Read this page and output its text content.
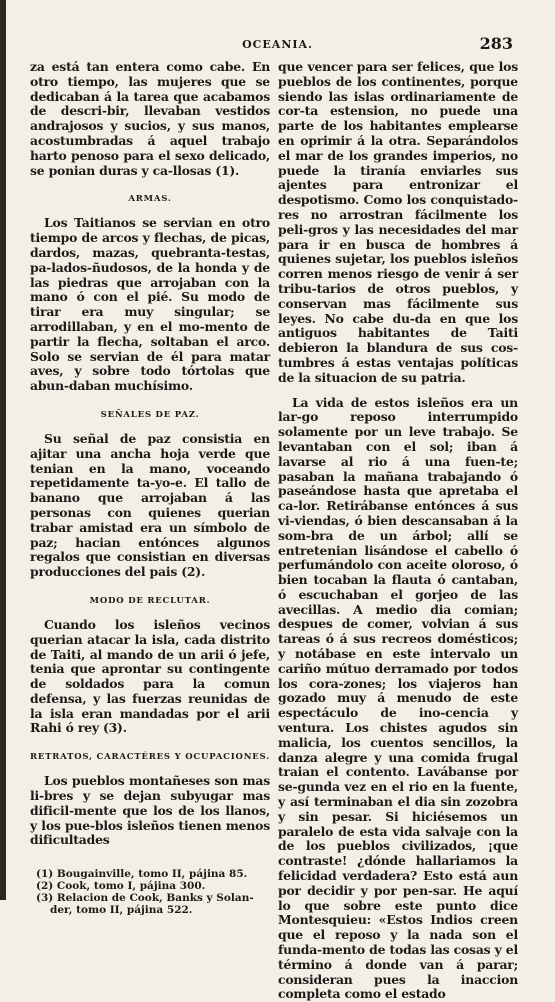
OCEANIA.	283

za está tan entera como cabe. En otro tiempo, las mujeres que se dedicaban á la tarea que acabamos de descri-bir, llevaban vestidos andrajosos y sucios, y sus manos, acostumbradas á aquel trabajo harto penoso para el sexo delicado, se ponian duras y ca-llosas (1).

ARMAS.

Los Taitianos se servian en otro tiempo de arcos y flechas, de picas, dardos, mazas, quebranta-testas, pa-lados-ñudosos, de la honda y de las piedras que arrojaban con la mano ó con el pié. Su modo de tirar era muy singular; se arrodillaban, y en el mo-mento de partir la flecha, soltaban el arco. Solo se servian de él para matar aves, y sobre todo tórtolas que abun-daban muchísimo.

SEÑALES DE PAZ.

Su señal de paz consistia en ajitar una ancha hoja verde que tenian en la mano, voceando repetidamente ta-yo-e. El tallo de banano que arrojaban á las personas con quienes querian trabar amistad era un símbolo de paz; hacian entónces algunos regalos que consistian en diversas producciones del pais (2).

MODO DE RECLUTAR.

Cuando los isleños vecinos querian atacar la isla, cada distrito de Taiti, al mando de un arii ó jefe, tenia que aprontar su contingente de soldados para la comun defensa, y las fuerzas reunidas de la isla eran mandadas por el arii Rahi ó rey (3).

RETRATOS, CARACTÉRES Y OCUPACIONES.

Los pueblos montañeses son mas li-bres y se dejan subyugar mas dificil-mente que los de los llanos, y los pue-blos isleños tienen menos dificultades

(1) Bougainville, tomo II, pájina 85.
(2) Cook, tomo I, pájina 300.
(3) Relacion de Cook, Banks y Solan-der, tomo II, pájina 522.

que vencer para ser felices, que los pueblos de los continentes, porque siendo las islas ordinariamente de cor-ta estension, no puede una parte de los habitantes emplearse en oprimir á la otra. Separándolos el mar de los grandes imperios, no puede la tiranía enviarles sus ajentes para entronizar el despotismo. Como los conquistado-res no arrostran fácilmente los peli-gros y las necesidades del mar para ir en busca de hombres á quienes sujetar, los pueblos isleños corren menos riesgo de venir á ser tribu-tarios de otros pueblos, y conservan mas fácilmente sus leyes. No cabe du-da en que los antiguos habitantes de Taiti debieron la blandura de sus cos-tumbres á estas ventajas políticas de la situacion de su patria.

La vida de estos isleños era un lar-go reposo interrumpido solamente por un leve trabajo. Se levantaban con el sol; iban á lavarse al rio á una fuen-te; pasaban la mañana trabajando ó paseándose hasta que apretaba el ca-lor. Retirábanse entónces á sus vi-viendas, ó bien descansaban á la som-bra de un árbol; allí se entretenian lisándose el cabello ó perfumándolo con aceite oloroso, ó bien tocaban la flauta ó cantaban, ó escuchaban el gorjeo de las avecillas. A medio dia comian; despues de comer, volvian á sus tareas ó á sus recreos domésticos; y notábase en este intervalo un cariño mútuo derramado por todos los cora-zones; los viajeros han gozado muy á menudo de este espectáculo de ino-cencia y ventura. Los chistes agudos sin malicia, los cuentos sencillos, la danza alegre y una comida frugal traian el contento. Lavábanse por se-gunda vez en el rio en la fuente, y así terminaban el dia sin zozobra y sin pesar. Si hiciésemos un paralelo de esta vida salvaje con la de los pueblos civilizados, ¡que contraste! ¿dónde hallariamos la felicidad verdadera? Esto está aun por decidir y por pen-sar. He aquí lo que sobre este punto dice Montesquieu: «Estos Indios creen que el reposo y la nada son el funda-mento de todas las cosas y el término á donde van á parar; consideran pues la inaccion completa como el estado
